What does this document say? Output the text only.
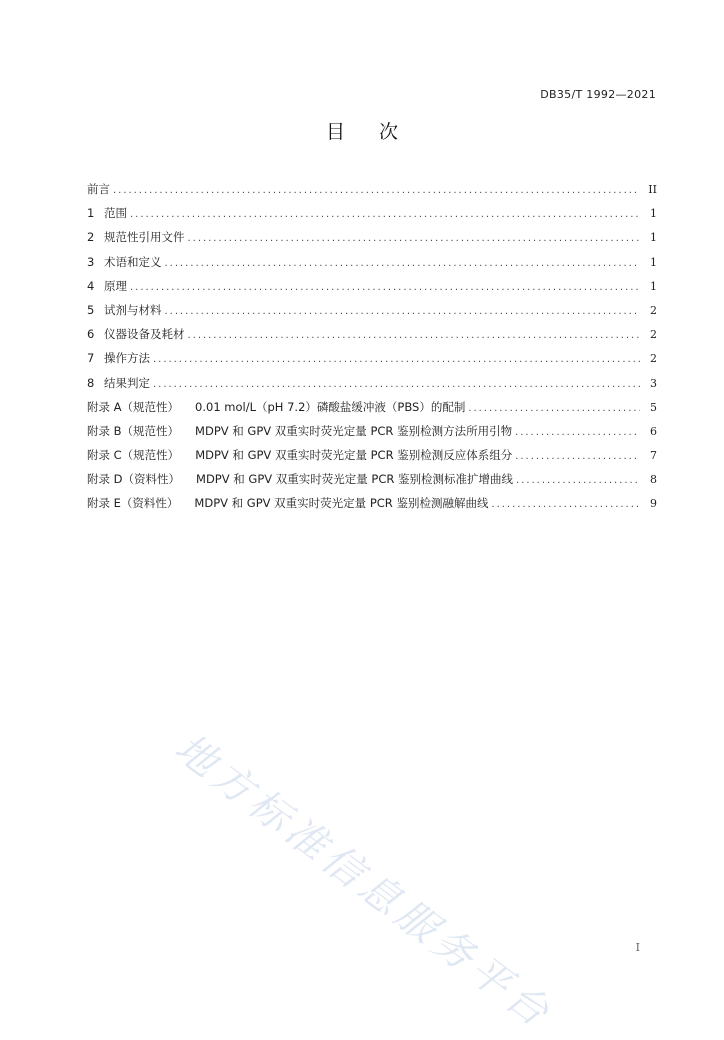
DB35/T 1992—2021
目次
前言 . . .	II
1 范围 . . .	1
2 规范性引用文件 . . .	1
3 术语和定义 . . .	1
4 原理 . . .	1
5 试剂与材料 . . .	2
6 仪器设备及耗材 . . .	2
7 操作方法 . . .	2
8 结果判定 . . .	3
附录 A（规范性） 0.01 mol/L（pH 7.2）磷酸盐缓冲液（PBS）的配制 . . .	5
附录 B（规范性） MDPV 和 GPV 双重实时荧光定量 PCR 鉴别检测方法所用引物 . . .	6
附录 C（规范性） MDPV 和 GPV 双重实时荧光定量 PCR 鉴别检测反应体系组分 . . .	7
附录 D（资料性） MDPV 和 GPV 双重实时荧光定量 PCR 鉴别检测标准扩增曲线 . . .	8
附录 E（资料性） MDPV 和 GPV 双重实时荧光定量 PCR 鉴别检测融解曲线 . . .	9
地方标准信息服务平台	I
